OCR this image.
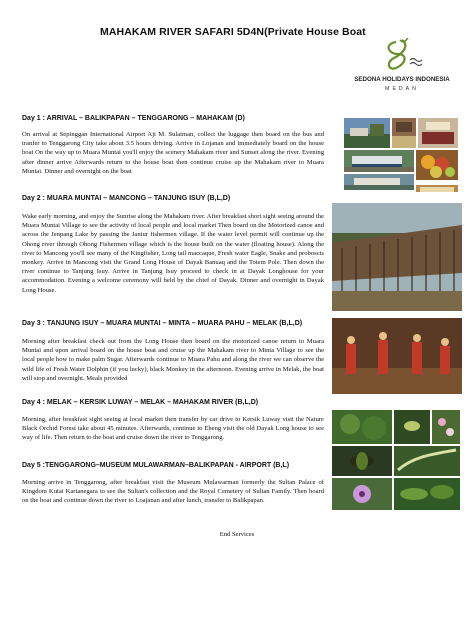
MAHAKAM RIVER SAFARI 5D4N(Private House Boat
SEDONA HOLIDAYS INDONESIA
MEDAN
Day 1 : ARRIVAL – BALIKPAPAN – TENGGARONG – MAHAKAM (D)
On arrival at Sepinggan International Airport Aji M. Sulaiman, collect the luggage then board on the bus and tranfer to Tenggarong City take about 3.5 hours driving. Arrive in Lojanan and immediately board on the house boat On the way up to Muara Muntai you'll enjoy the scenery Mahakam river and Sunset along the river. Evening after dinner arrive Afterwards return to the house boat then continue cruise up the Mahakam river to Muara Muntai. Dinner and overnight on the boat
Day 2 : MUARA MUNTAI – MANCONG – TANJUNG ISUY (B,L,D)
Wake early morning, and enjoy the Sunrise along the Mahakam river. After breakfast short sight seeing around the Muara Muntai Village to see the activity of local people and local market Then board on the Motorized canoe and across the Jenpang Lake by passing the Jantur fishermen village. If the water level permit will continue up the Ohong river through Ohong Fishermen village which is the house built on the water (floating house). Along the river to Mancong you'll see many of the Kingfisher, Long tail maccaque, Fresh water Eagle, Snake and proboscis monkey. Arrive in Mancong visit the Grand Long House of Dayak Banuaq and the Totem Pole. Then down the river continue to Tanjung Isuy. Arrive in Tanjung Isuy proceed to check in at Dayak Longhouse for your accommodation. Evening a welcome ceremony will held by the chief of Dayak. Dinner and overnight in Dayak Long House.
Day 3 : TANJUNG ISUY – MUARA MUNTAI – MINTA – MUARA PAHU – MELAK (B,L,D)
Morning after breakfast check out from the Long House then board on the motorized canoe return to Muara Muntai and upon arrival board on the house boat and cruise up the Mahakam river to Minta Village to see the local people how to make palm Sugar. Afterwards continue to Muara Pahu and along the river we can observe the wild life of Fresh Water Dolphin (if you lucky), black Monkey in the afternoon. Evening arrive in Melak, the boat will stop and overnight. Meals provided
Day 4 : MELAK – KERSIK LUWAY – MELAK – MAHAKAM RIVER (B,L,D)
Morning, after breakfast sight seeing at local market then transfer by car drive to Kersik Luway visit the Nature Black Orchid Forest take about 45 minutes. Afterwards, continue to Eheng visit the old Dayak Long house to see way of life. Then return to the boat and cruise down the river to Tenggarong.
Day 5 :TENGGARONG–MUSEUM MULAWARMAN–BALIKPAPAN - AIRPORT (B,L)
Morning arrive in Tenggarong, after breakfast visit the Museum Mulawarman formerly the Sultan Palace of Kingdom Kutai Kartanegara to see the Sultan's collection and the Royal Cemetery of Sultan Family. Then board on the boat and continue down the river to Loajanan and after lunch, transfer to Balikpapan.
End Services
